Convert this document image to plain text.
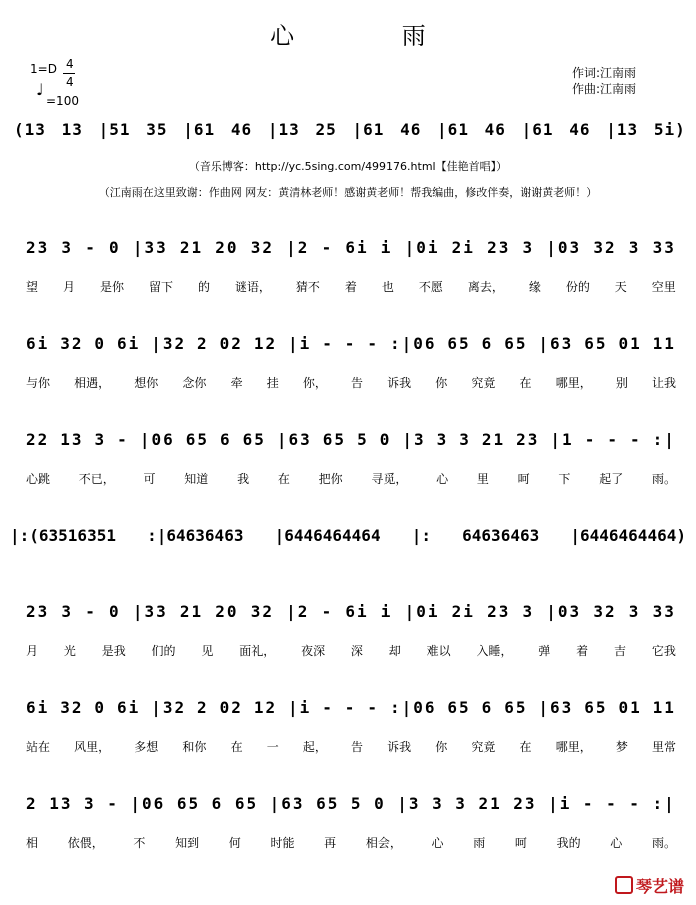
心 雨
1=D 4
4
♩
=100
作词:江南雨
作曲:江南雨
(13 13 |51 35 |61 46 |13 25 |61 46 |61 46 |61 46 |13 5i)
（音乐博客：http://yc.5sing.com/499176.html【佳艳首唱】）
（江南雨在这里致谢：作曲网 网友：黄清林老师！感谢黄老师！帮我编曲，修改伴奏，谢谢黄老师！）
23 3 - 0 |33 21 20 32 |2 - 6i i |0i 2i 23 3 |03 32 3 33
望 月 是你 留下 的 谜语， 猜不 着 也 不愿 离去， 缘 份的 天 空里
6i 32 0 6i |32 2 02 12 |i - - - :|06 65 6 65 |63 65 01 11
与你 相遇， 想你 念你 牵 挂 你， 告 诉我 你 究竟 在 哪里， 别 让我
22 13 3 - |06 65 6 65 |63 65 5 0 |3 3 3 21 23 |1 - - - :|
心跳 不已， 可 知道 我 在 把你 寻觅， 心 里 呵 下 起了 雨。
|:(63516351 :|64636463 |6446464464 |: 64636463 |6446464464)
23 3 - 0 |33 21 20 32 |2 - 6i i |0i 2i 23 3 |03 32 3 33
月 光 是我 们的 见 面礼， 夜深 深 却 难以 入睡， 弹 着 吉 它我
6i 32 0 6i |32 2 02 12 |i - - - :|06 65 6 65 |63 65 01 11
站在 风里， 多想 和你 在 一 起， 告 诉我 你 究竟 在 哪里， 梦 里常
2 13 3 - |06 65 6 65 |63 65 5 0 |3 3 3 21 23 |i - - - :|
相 依偎， 不 知到 何 时能 再 相会， 心 雨 呵 我的 心 雨。
琴艺谱
